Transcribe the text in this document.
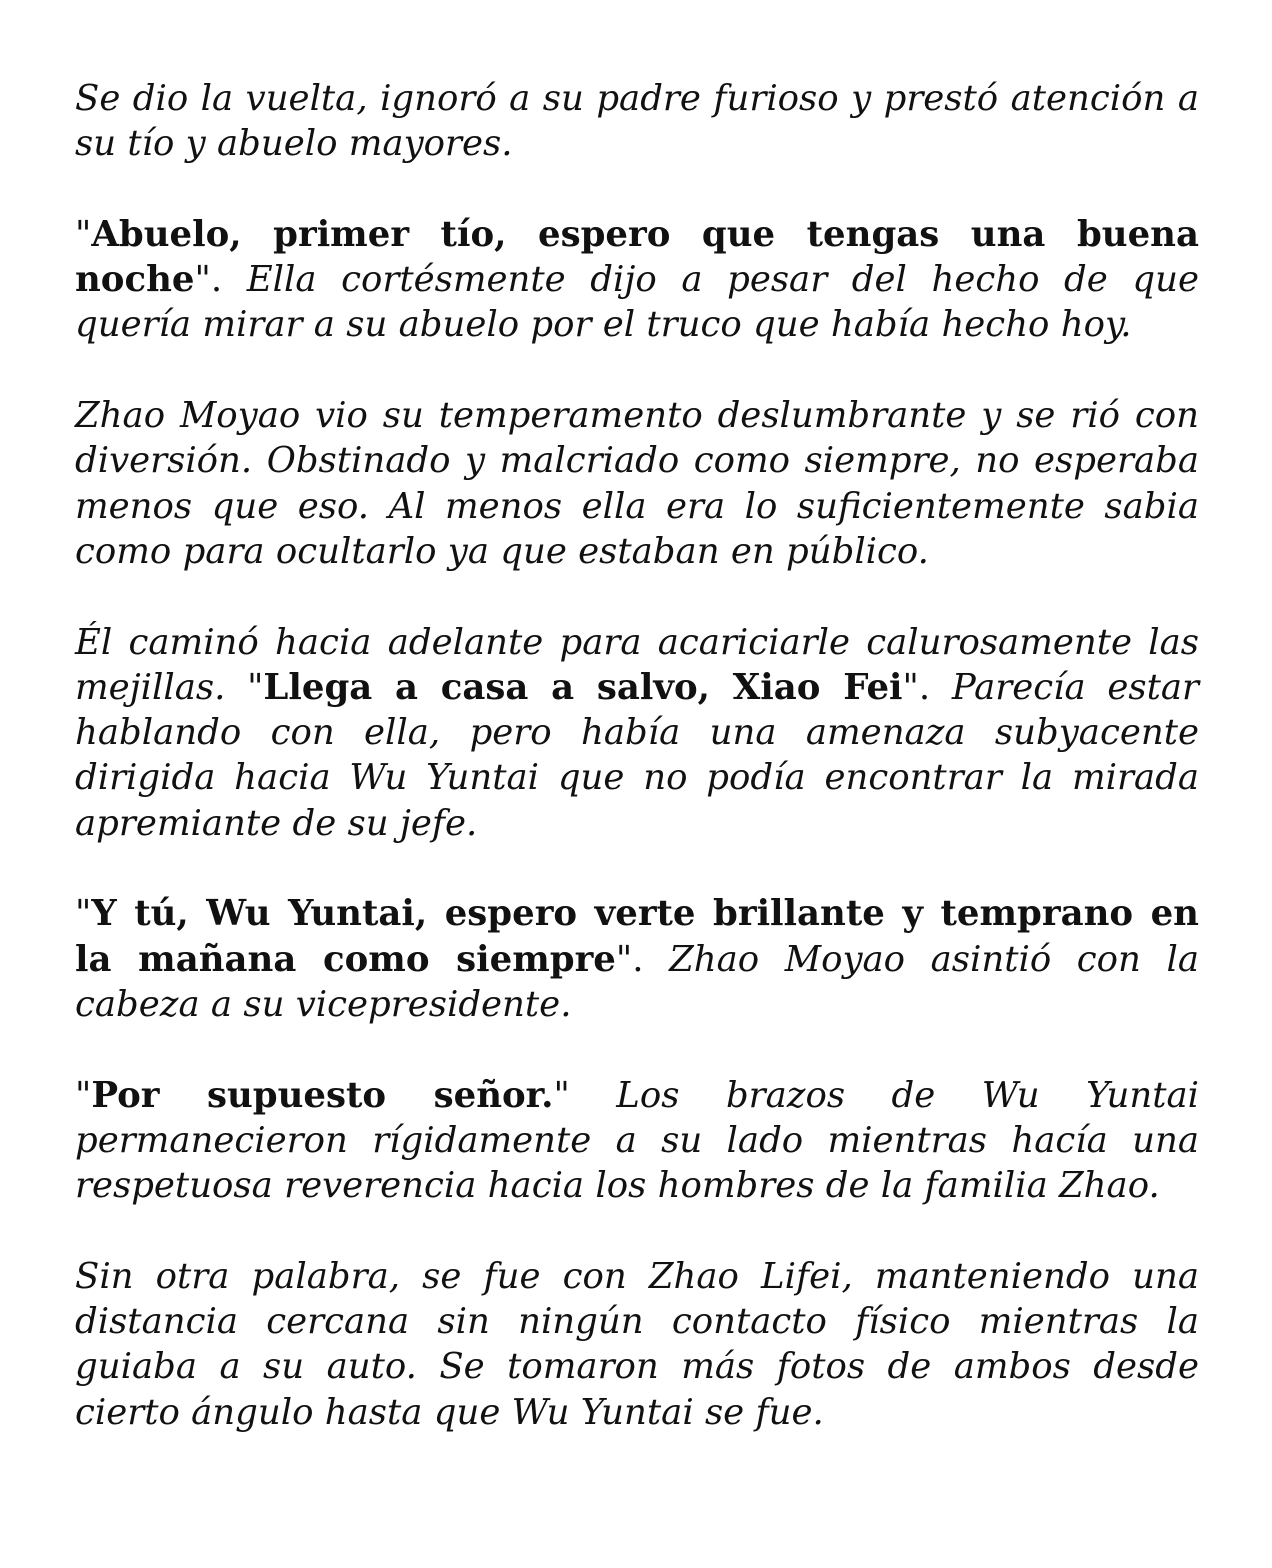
Se dio la vuelta, ignoró a su padre furioso y prestó atención a su tío y abuelo mayores.

"Abuelo, primer tío, espero que tengas una buena noche". Ella cortésmente dijo a pesar del hecho de que quería mirar a su abuelo por el truco que había hecho hoy.

Zhao Moyao vio su temperamento deslumbrante y se rió con diversión. Obstinado y malcriado como siempre, no esperaba menos que eso. Al menos ella era lo suficientemente sabia como para ocultarlo ya que estaban en público.

Él caminó hacia adelante para acariciarle calurosamente las mejillas. "Llega a casa a salvo, Xiao Fei". Parecía estar hablando con ella, pero había una amenaza subyacente dirigida hacia Wu Yuntai que no podía encontrar la mirada apremiante de su jefe.

"Y tú, Wu Yuntai, espero verte brillante y temprano en la mañana como siempre". Zhao Moyao asintió con la cabeza a su vicepresidente.

"Por supuesto señor." Los brazos de Wu Yuntai permanecieron rígidamente a su lado mientras hacía una respetuosa reverencia hacia los hombres de la familia Zhao.

Sin otra palabra, se fue con Zhao Lifei, manteniendo una distancia cercana sin ningún contacto físico mientras la guiaba a su auto. Se tomaron más fotos de ambos desde cierto ángulo hasta que Wu Yuntai se fue.
